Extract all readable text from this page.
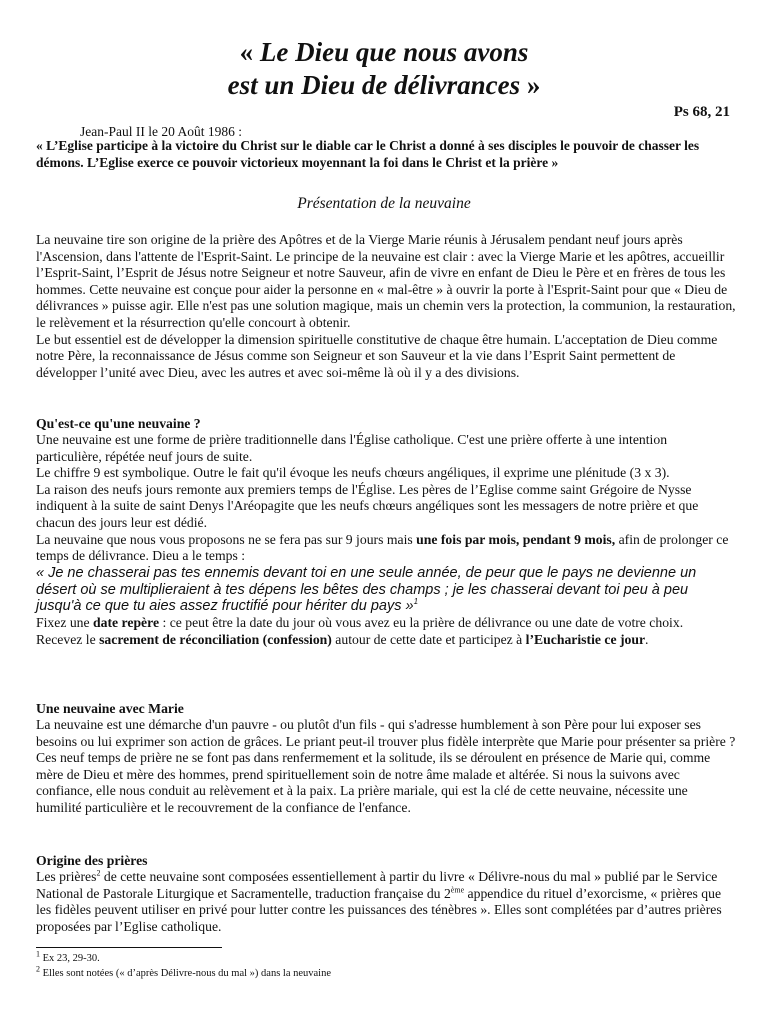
« Le Dieu que nous avons
est un Dieu de délivrances »
Ps 68, 21
Jean-Paul II le 20 Août 1986 :
« L’Eglise participe à la victoire du Christ sur le diable car le Christ a donné à ses disciples le pouvoir de chasser les démons. L’Eglise exerce ce pouvoir victorieux moyennant la foi dans le Christ et la prière »
Présentation de la neuvaine

La neuvaine tire son origine de la prière des Apôtres et de la Vierge Marie réunis à Jérusalem pendant neuf jours après l'Ascension, dans l'attente de l'Esprit-Saint. Le principe de la neuvaine est clair : avec la Vierge Marie et les apôtres, accueillir l’Esprit-Saint, l’Esprit de Jésus notre Seigneur et notre Sauveur, afin de vivre en enfant de Dieu le Père et en frères de tous les hommes. Cette neuvaine est conçue pour aider la personne en « mal-être » à ouvrir la porte à l'Esprit-Saint pour que « Dieu de délivrances » puisse agir. Elle n'est pas une solution magique, mais un chemin vers la protection, la communion, la restauration, le relèvement et la résurrection qu'elle concourt à obtenir.

Le but essentiel est de développer la dimension spirituelle constitutive de chaque être humain. L'acceptation de Dieu comme notre Père, la reconnaissance de Jésus comme son Seigneur et son Sauveur et la vie dans l’Esprit Saint permettent de développer l’unité avec Dieu, avec les autres et avec soi-même là où il y a des divisions.

Qu'est-ce qu'une neuvaine ?

Une neuvaine est une forme de prière traditionnelle dans l'Église catholique. C'est une prière offerte à une intention particulière, répétée neuf jours de suite.

Le chiffre 9 est symbolique. Outre le fait qu'il évoque les neufs chœurs angéliques, il exprime une plénitude (3 x 3).

La raison des neufs jours remonte aux premiers temps de l'Église. Les pères de l’Eglise comme saint Grégoire de Nysse indiquent à la suite de saint Denys l'Aréopagite que les neufs chœurs angéliques sont les messagers de notre prière et que chacun des jours leur est dédié.

La neuvaine que nous vous proposons ne se fera pas sur 9 jours mais une fois par mois, pendant 9 mois, afin de prolonger ce temps de délivrance. Dieu a le temps :

« Je ne chasserai pas tes ennemis devant toi en une seule année, de peur que le pays ne devienne un désert où se multiplieraient à tes dépens les bêtes des champs ; je les chasserai devant toi peu à peu jusqu'à ce que tu aies assez fructifié pour hériter du pays »$^1$

Fixez une date repère : ce peut être la date du jour où vous avez eu la prière de délivrance ou une date de votre choix.

Recevez le sacrement de réconciliation (confession) autour de cette date et participez à l’Eucharistie ce jour.

Une neuvaine avec Marie

La neuvaine est une démarche d'un pauvre - ou plutôt d'un fils - qui s'adresse humblement à son Père pour lui exposer ses besoins ou lui exprimer son action de grâces. Le priant peut-il trouver plus fidèle interprète que Marie pour présenter sa prière ?

Ces neuf temps de prière ne se font pas dans renfermement et la solitude, ils se déroulent en présence de Marie qui, comme mère de Dieu et mère des hommes, prend spirituellement soin de notre âme malade et altérée. Si nous la suivons avec confiance, elle nous conduit au relèvement et à la paix. La prière mariale, qui est la clé de cette neuvaine, nécessite une humilité particulière et le recouvrement de la confiance de l'enfance.

Origine des prières

Les prières$^2$ de cette neuvaine sont composées essentiellement à partir du livre « Délivre-nous du mal » publié par le Service National de Pastorale Liturgique et Sacramentelle, traduction française du 2ème appendice du rituel d’exorcisme, « prières que les fidèles peuvent utiliser en privé pour lutter contre les puissances des ténèbres ». Elles sont complétées par d’autres prières proposées par l’Eglise catholique.

$^1$ Ex 23, 29-30.
$^2$ Elles sont notées (« d’après Délivre-nous du mal ») dans la neuvaine
